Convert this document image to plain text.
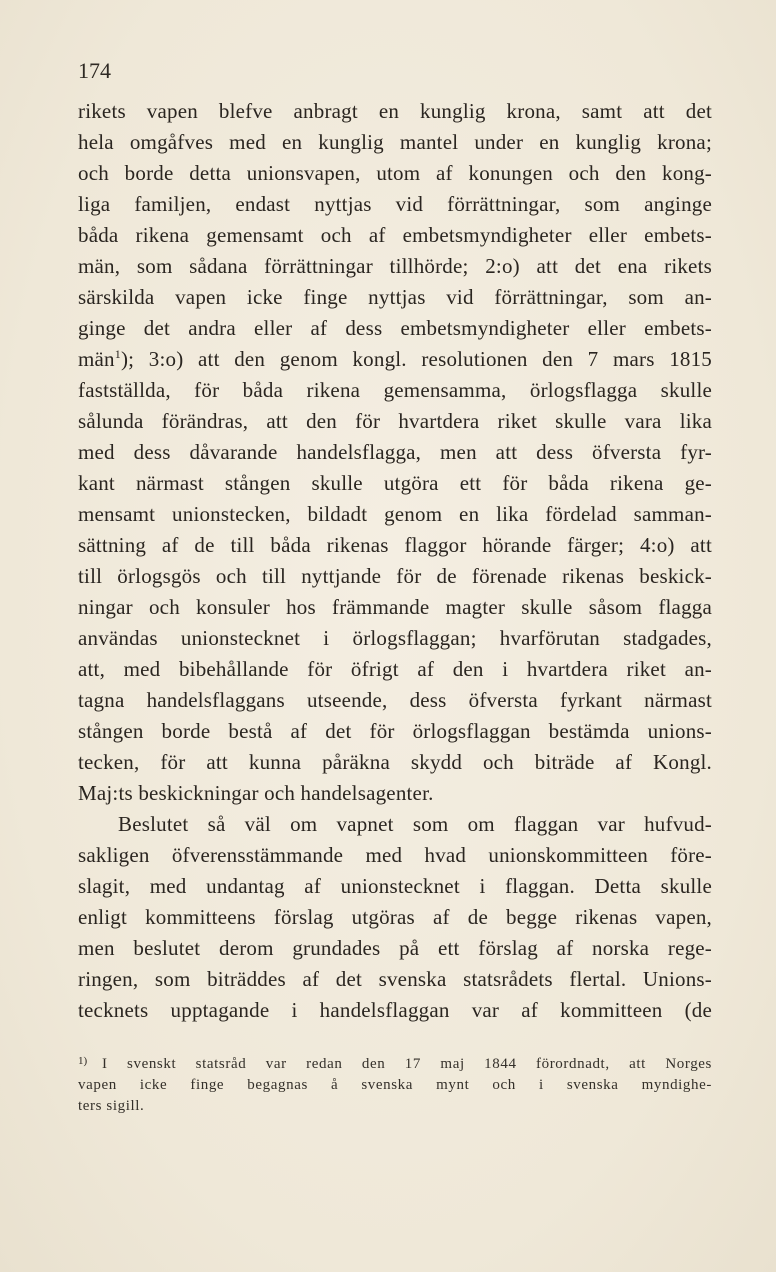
174
rikets vapen blefve anbragt en kunglig krona, samt att det
hela omgåfves med en kunglig mantel under en kunglig krona;
och borde detta unionsvapen, utom af konungen och den kong-
liga familjen, endast nyttjas vid förrättningar, som anginge
båda rikena gemensamt och af embetsmyndigheter eller embets-
män, som sådana förrättningar tillhörde; 2:o) att det ena rikets
särskilda vapen icke finge nyttjas vid förrättningar, som an-
ginge det andra eller af dess embetsmyndigheter eller embets-
män$^1$); 3:o) att den genom kongl. resolutionen den 7 mars 1815
fastställda, för båda rikena gemensamma, örlogsflagga skulle
sålunda förändras, att den för hvartdera riket skulle vara lika
med dess dåvarande handelsflagga, men att dess öfversta fyr-
kant närmast stången skulle utgöra ett för båda rikena ge-
mensamt unionstecken, bildadt genom en lika fördelad samman-
sättning af de till båda rikenas flaggor hörande färger; 4:o) att
till örlogsgös och till nyttjande för de förenade rikenas beskick-
ningar och konsuler hos främmande magter skulle såsom flagga
användas unionstecknet i örlogsflaggan; hvarförutan stadgades,
att, med bibehållande för öfrigt af den i hvartdera riket an-
tagna handelsflaggans utseende, dess öfversta fyrkant närmast
stången borde bestå af det för örlogsflaggan bestämda unions-
tecken, för att kunna påräkna skydd och biträde af Kongl.
Maj:ts beskickningar och handelsagenter.
Beslutet så väl om vapnet som om flaggan var hufvud-
sakligen öfverensstämmande med hvad unionskommitteen före-
slagit, med undantag af unionstecknet i flaggan. Detta skulle
enligt kommitteens förslag utgöras af de begge rikenas vapen,
men beslutet derom grundades på ett förslag af norska rege-
ringen, som biträddes af det svenska statsrådets flertal. Unions-
tecknets upptagande i handelsflaggan var af kommitteen (de
1) I svenskt statsråd var redan den 17 maj 1844 förordnadt, att Norges
vapen icke finge begagnas å svenska mynt och i svenska myndighe-
ters sigill.
